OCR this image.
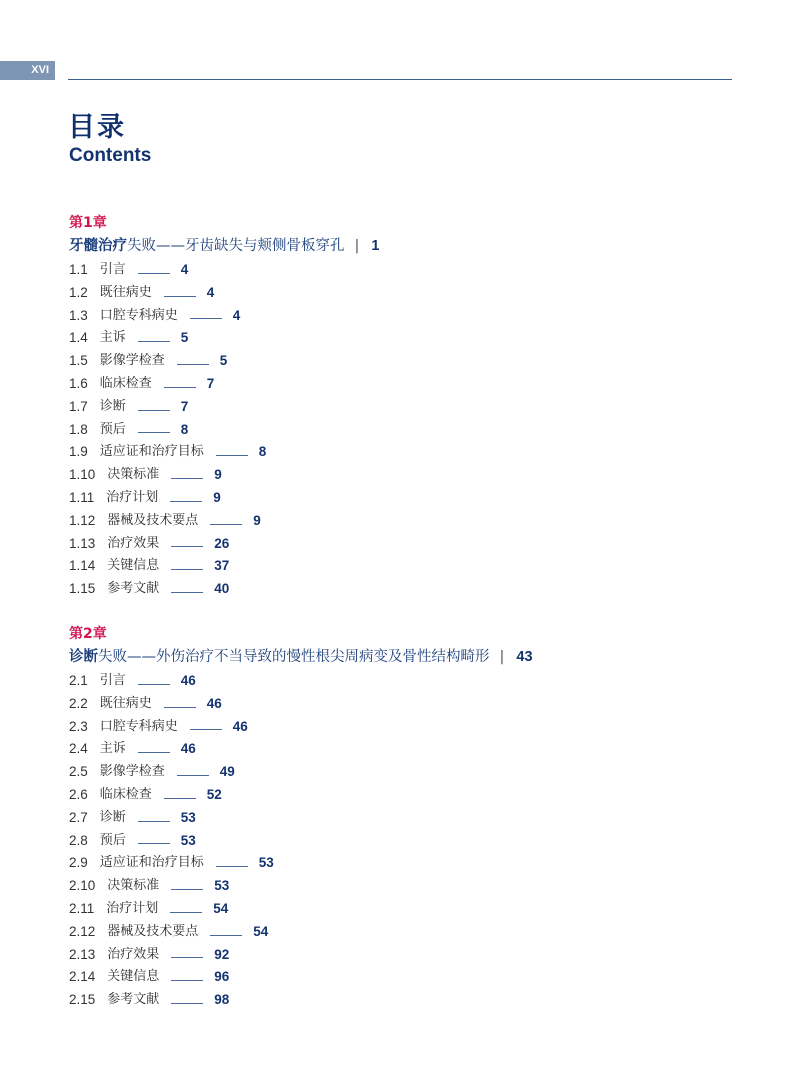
XVI
目录
Contents
第1章
牙髓治疗失败——牙齿缺失与颊侧骨板穿孔 | 1
1.1 引言	4
1.2 既往病史	4
1.3 口腔专科病史	4
1.4 主诉	5
1.5 影像学检查	5
1.6 临床检查	7
1.7 诊断	7
1.8 预后	8
1.9 适应证和治疗目标	8
1.10 决策标准	9
1.11 治疗计划	9
1.12 器械及技术要点	9
1.13 治疗效果	26
1.14 关键信息	37
1.15 参考文献	40
第2章
诊断失败——外伤治疗不当导致的慢性根尖周病变及骨性结构畸形 | 43
2.1 引言	46
2.2 既往病史	46
2.3 口腔专科病史	46
2.4 主诉	46
2.5 影像学检查	49
2.6 临床检查	52
2.7 诊断	53
2.8 预后	53
2.9 适应证和治疗目标	53
2.10 决策标准	53
2.11 治疗计划	54
2.12 器械及技术要点	54
2.13 治疗效果	92
2.14 关键信息	96
2.15 参考文献	98
